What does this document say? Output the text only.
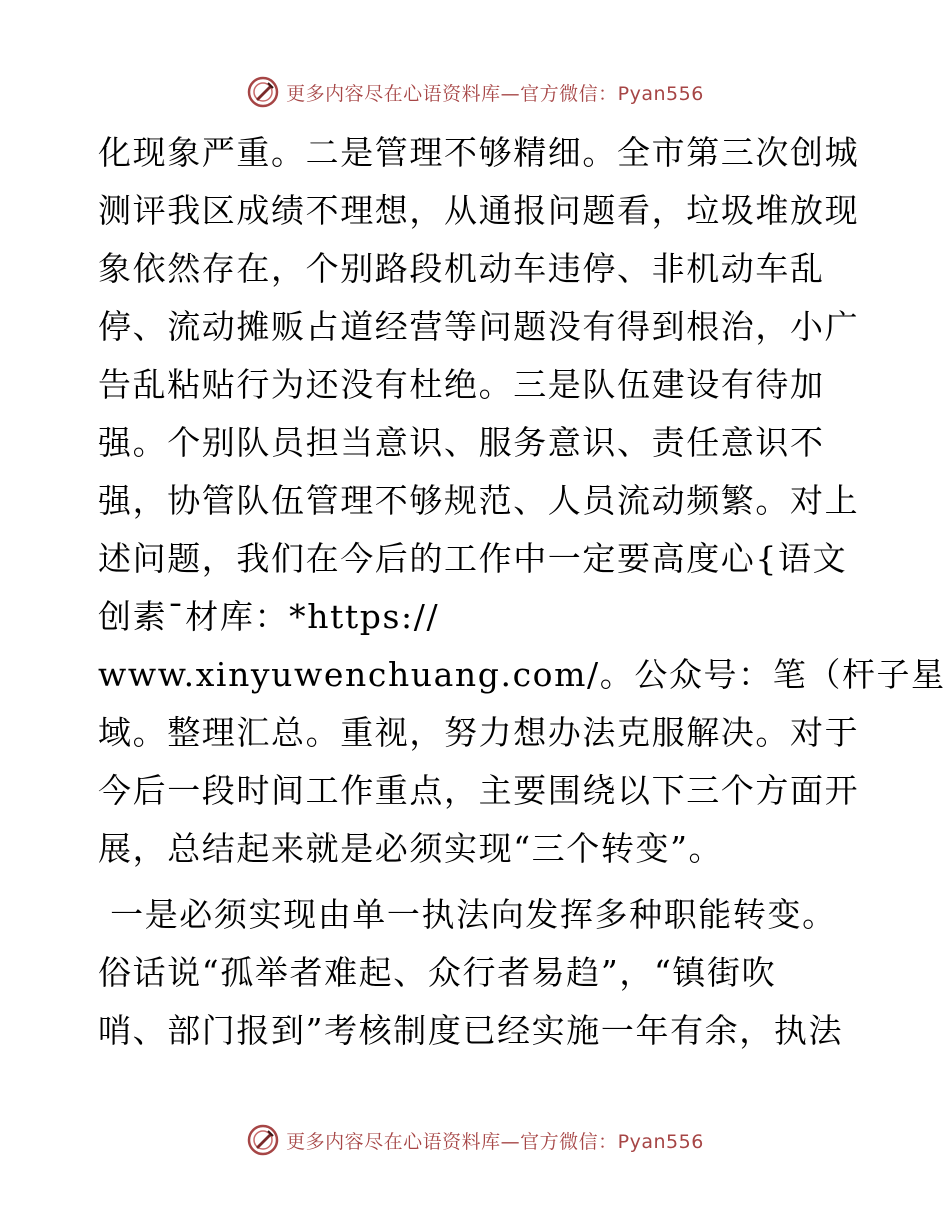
更多内容尽在心语资料库—官方微信：Pyan556
化现象严重。二是管理不够精细。全市第三次创城
测评我区成绩不理想，从通报问题看，垃圾堆放现
象依然存在，个别路段机动车违停、非机动车乱
停、流动摊贩占道经营等问题没有得到根治，小广
告乱粘贴行为还没有杜绝。三是队伍建设有待加
强。个别队员担当意识、服务意识、责任意识不
强，协管队伍管理不够规范、人员流动频繁。对上
述问题，我们在今后的工作中一定要高度心{语文
创素¯材库：*https://
www.xinyuwenchuang.com/。公众号：笔（杆子星
域。整理汇总。重视，努力想办法克服解决。对于
今后一段时间工作重点，主要围绕以下三个方面开
展，总结起来就是必须实现“三个转变”。
一是必须实现由单一执法向发挥多种职能转变。
俗话说“孤举者难起、众行者易趋”，“镇街吹
哨、部门报到”考核制度已经实施一年有余，执法
更多内容尽在心语资料库—官方微信：Pyan556
